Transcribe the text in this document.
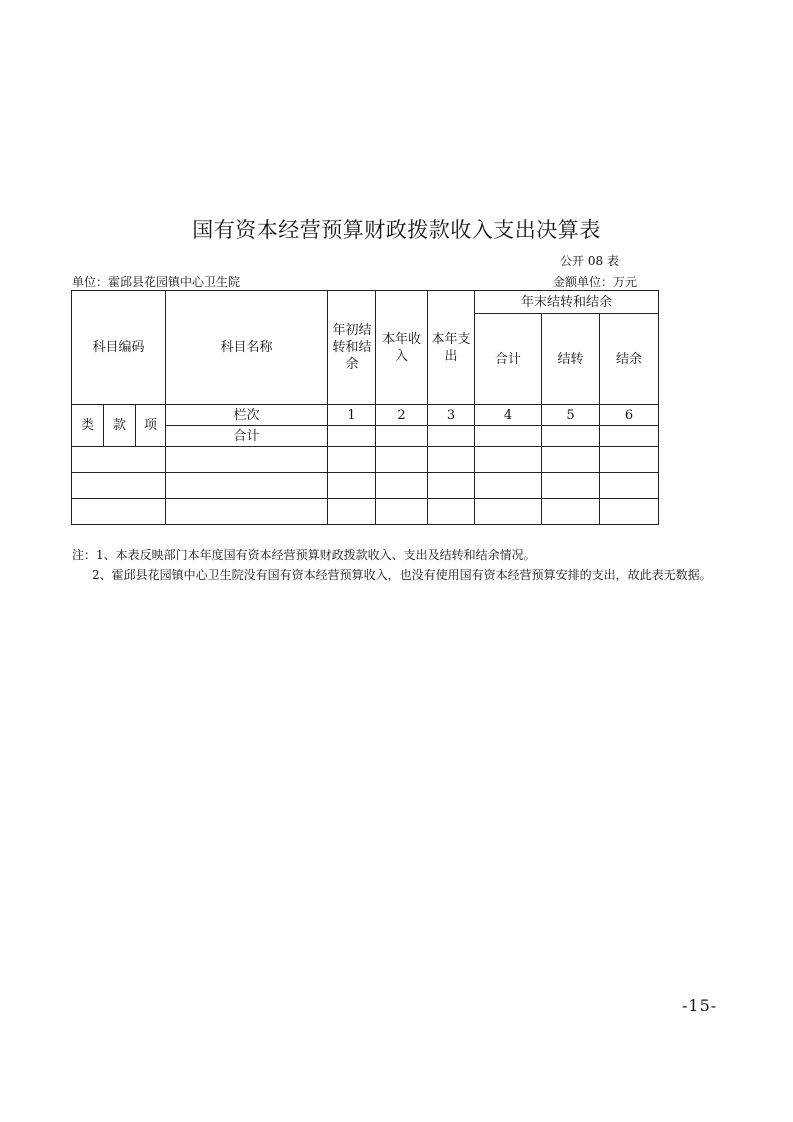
国有资本经营预算财政拨款收入支出决算表
公开 08 表
单位：霍邱县花园镇中心卫生院	金额单位：万元
科目编码			科目名称	年初结转和结余	本年收入	本年支出	年末结转和结余		
							合计	结转	结余
类	款	项	栏次	1	2	3	4	5	6
			合计						

注：1、本表反映部门本年度国有资本经营预算财政拨款收入、支出及结转和结余情况。

2、霍邱县花园镇中心卫生院没有国有资本经营预算收入，也没有使用国有资本经营预算安排的支出，故此表无数据。

-15-
